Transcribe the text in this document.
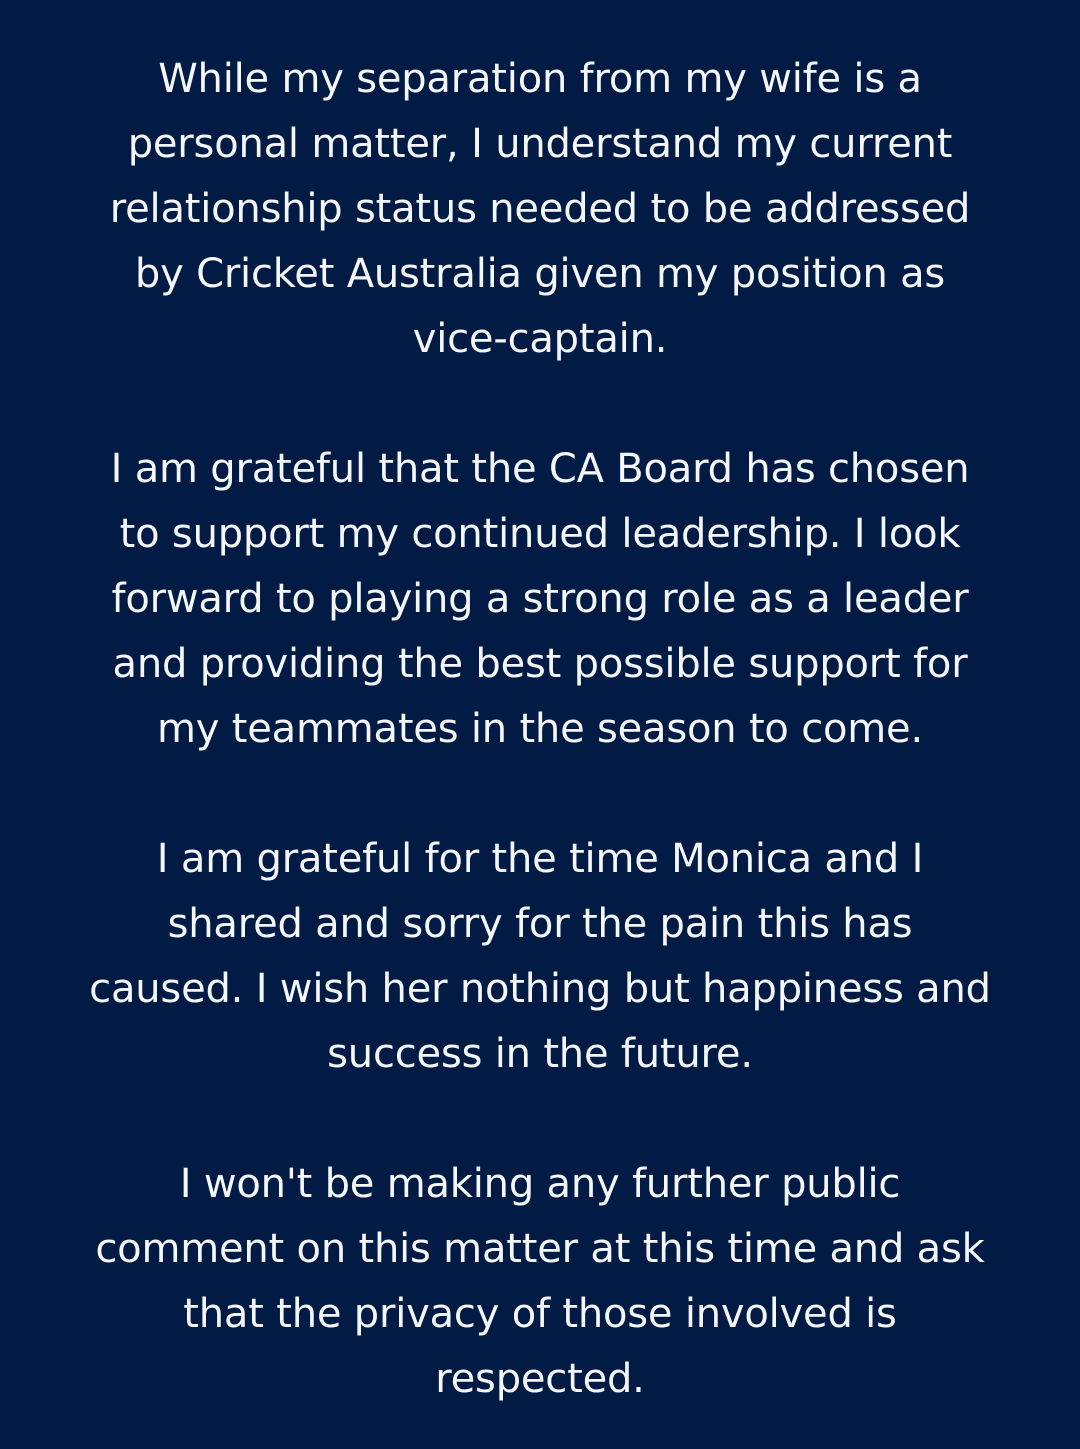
While my separation from my wife is a
personal matter, I understand my current
relationship status needed to be addressed
by Cricket Australia given my position as
vice-captain.

I am grateful that the CA Board has chosen
to support my continued leadership. I look
forward to playing a strong role as a leader
and providing the best possible support for
my teammates in the season to come.

I am grateful for the time Monica and I
shared and sorry for the pain this has
caused. I wish her nothing but happiness and
success in the future.

I won't be making any further public
comment on this matter at this time and ask
that the privacy of those involved is
respected.
